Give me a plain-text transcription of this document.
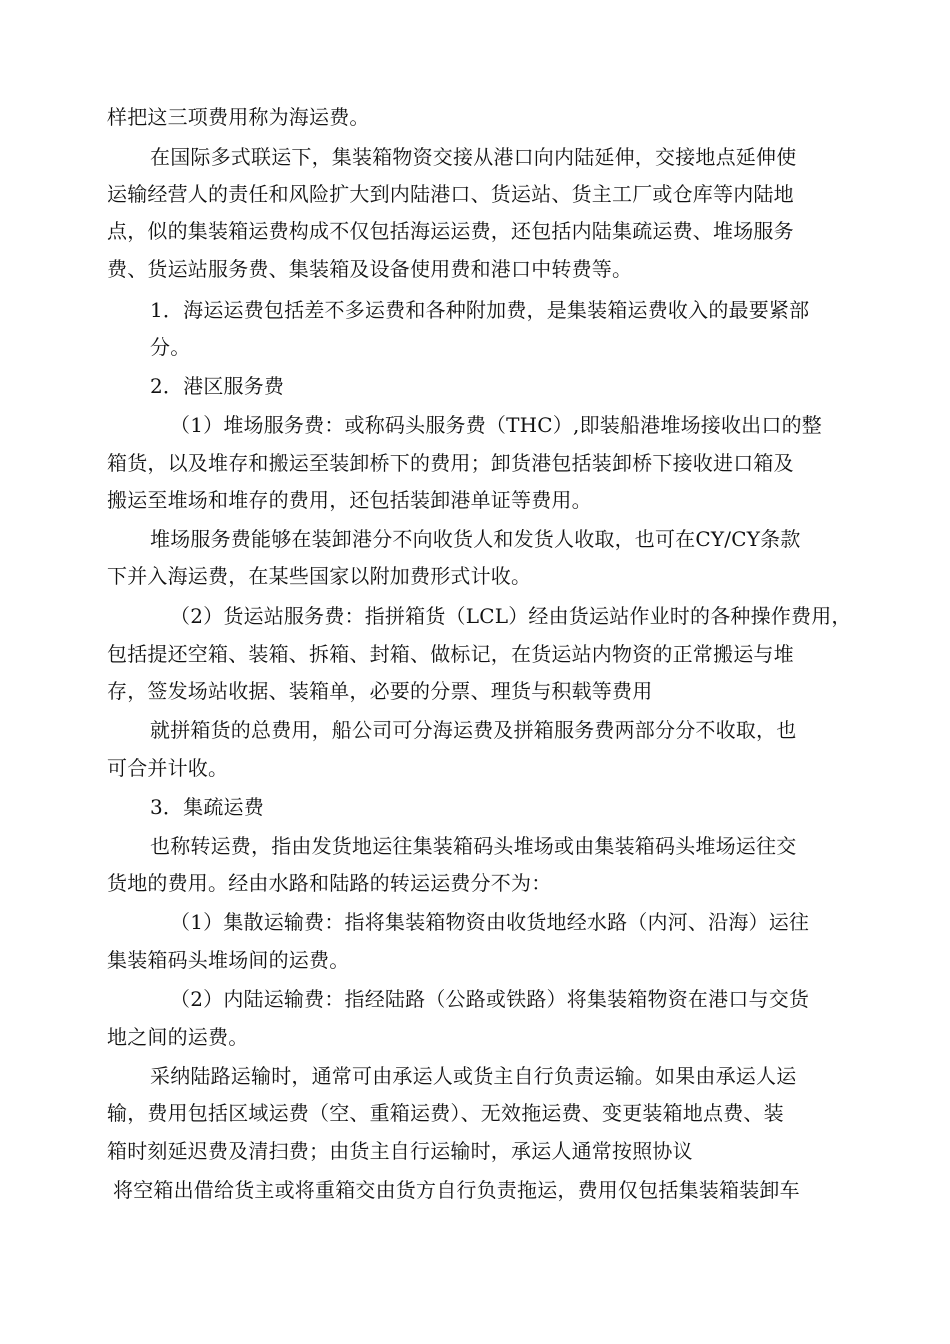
样把这三项费用称为海运费。
在国际多式联运下，集装箱物资交接从港口向内陆延伸，交接地点延伸使
运输经营人的责任和风险扩大到内陆港口、货运站、货主工厂或仓库等内陆地
点，似的集装箱运费构成不仅包括海运运费，还包括内陆集疏运费、堆场服务
费、货运站服务费、集装箱及设备使用费和港口中转费等。
1．海运运费包括差不多运费和各种附加费，是集装箱运费收入的最要紧部
分。
2．港区服务费
（1）堆场服务费：或称码头服务费（THC）,即装船港堆场接收出口的整
箱货，以及堆存和搬运至装卸桥下的费用；卸货港包括装卸桥下接收进口箱及
搬运至堆场和堆存的费用，还包括装卸港单证等费用。
堆场服务费能够在装卸港分不向收货人和发货人收取，也可在CY/CY条款
下并入海运费，在某些国家以附加费形式计收。
（2）货运站服务费：指拼箱货（LCL）经由货运站作业时的各种操作费用，
包括提还空箱、装箱、拆箱、封箱、做标记，在货运站内物资的正常搬运与堆
存，签发场站收据、装箱单，必要的分票、理货与积载等费用
就拼箱货的总费用，船公司可分海运费及拼箱服务费两部分分不收取，也
可合并计收。
3．集疏运费
也称转运费，指由发货地运往集装箱码头堆场或由集装箱码头堆场运往交
货地的费用。经由水路和陆路的转运运费分不为：
（1）集散运输费：指将集装箱物资由收货地经水路（内河、沿海）运往
集装箱码头堆场间的运费。
（2）内陆运输费：指经陆路（公路或铁路）将集装箱物资在港口与交货
地之间的运费。
采纳陆路运输时，通常可由承运人或货主自行负责运输。如果由承运人运
输，费用包括区域运费（空、重箱运费）、无效拖运费、变更装箱地点费、装
箱时刻延迟费及清扫费；由货主自行运输时，承运人通常按照协议
将空箱出借给货主或将重箱交由货方自行负责拖运，费用仅包括集装箱装卸车
